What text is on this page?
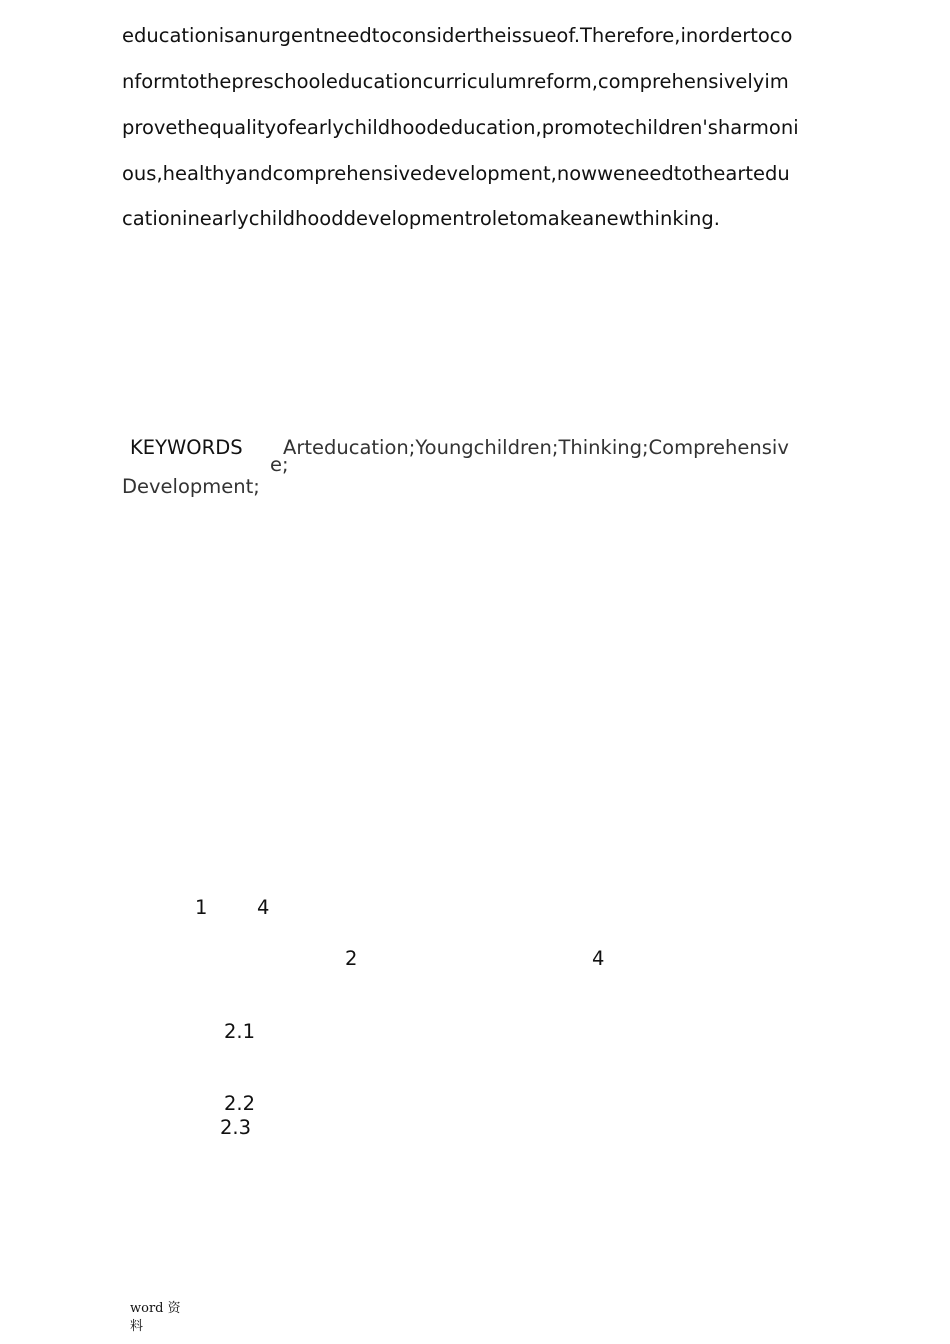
educationisanurgentneedtoconsidertheissueof.Therefore,inordertoco
nformtothepreschooleducationcurriculumreform,comprehensivelyim
provethequalityofearlychildhoodeducation,promotechildren'sharmoni
ous,healthyandcomprehensivedevelopment,nowweneedtotheartedu
cationinearlychildhooddevelopmentroletomakeanewthinking.
KEYWORDS Arteducation;Youngchildren;Thinking;Comprehensiv
e;
Development;
1	4
2	4
2.1
2.2
2.3
word 资
料
